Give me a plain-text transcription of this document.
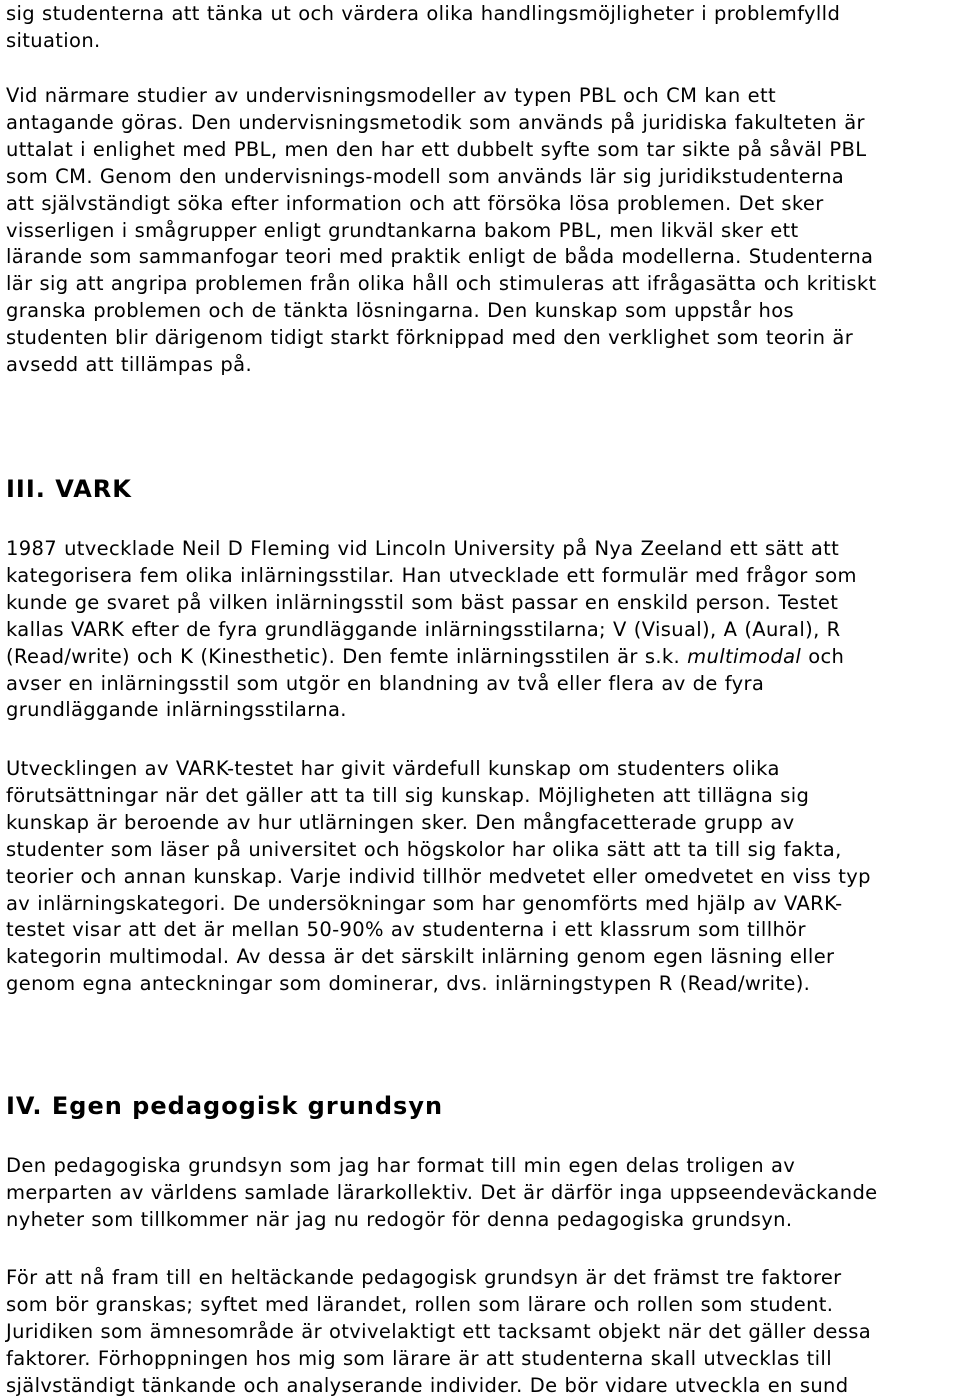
sig studenterna att tänka ut och värdera olika handlingsmöjligheter i problemfylld
situation.

Vid närmare studier av undervisningsmodeller av typen PBL och CM kan ett
antagande göras. Den undervisningsmetodik som används på juridiska fakulteten är
uttalat i enlighet med PBL, men den har ett dubbelt syfte som tar sikte på såväl PBL
som CM. Genom den undervisnings-modell som används lär sig juridikstudenterna
att självständigt söka efter information och att försöka lösa problemen. Det sker
visserligen i smågrupper enligt grundtankarna bakom PBL, men likväl sker ett
lärande som sammanfogar teori med praktik enligt de båda modellerna. Studenterna
lär sig att angripa problemen från olika håll och stimuleras att ifrågasätta och kritiskt
granska problemen och de tänkta lösningarna. Den kunskap som uppstår hos
studenten blir därigenom tidigt starkt förknippad med den verklighet som teorin är
avsedd att tillämpas på.

III. VARK

1987 utvecklade Neil D Fleming vid Lincoln University på Nya Zeeland ett sätt att
kategorisera fem olika inlärningsstilar. Han utvecklade ett formulär med frågor som
kunde ge svaret på vilken inlärningsstil som bäst passar en enskild person. Testet
kallas VARK efter de fyra grundläggande inlärningsstilarna; V (Visual), A (Aural), R
(Read/write) och K (Kinesthetic). Den femte inlärningsstilen är s.k. multimodal och
avser en inlärningsstil som utgör en blandning av två eller flera av de fyra
grundläggande inlärningsstilarna.

Utvecklingen av VARK-testet har givit värdefull kunskap om studenters olika
förutsättningar när det gäller att ta till sig kunskap. Möjligheten att tillägna sig
kunskap är beroende av hur utlärningen sker. Den mångfacetterade grupp av
studenter som läser på universitet och högskolor har olika sätt att ta till sig fakta,
teorier och annan kunskap. Varje individ tillhör medvetet eller omedvetet en viss typ
av inlärningskategori. De undersökningar som har genomförts med hjälp av VARK-
testet visar att det är mellan 50-90% av studenterna i ett klassrum som tillhör
kategorin multimodal. Av dessa är det särskilt inlärning genom egen läsning eller
genom egna anteckningar som dominerar, dvs. inlärningstypen R (Read/write).

IV. Egen pedagogisk grundsyn

Den pedagogiska grundsyn som jag har format till min egen delas troligen av
merparten av världens samlade lärarkollektiv. Det är därför inga uppseendeväckande
nyheter som tillkommer när jag nu redogör för denna pedagogiska grundsyn.

För att nå fram till en heltäckande pedagogisk grundsyn är det främst tre faktorer
som bör granskas; syftet med lärandet, rollen som lärare och rollen som student.
Juridiken som ämnesområde är otvivelaktigt ett tacksamt objekt när det gäller dessa
faktorer. Förhoppningen hos mig som lärare är att studenterna skall utvecklas till
självständigt tänkande och analyserande individer. De bör vidare utveckla en sund
